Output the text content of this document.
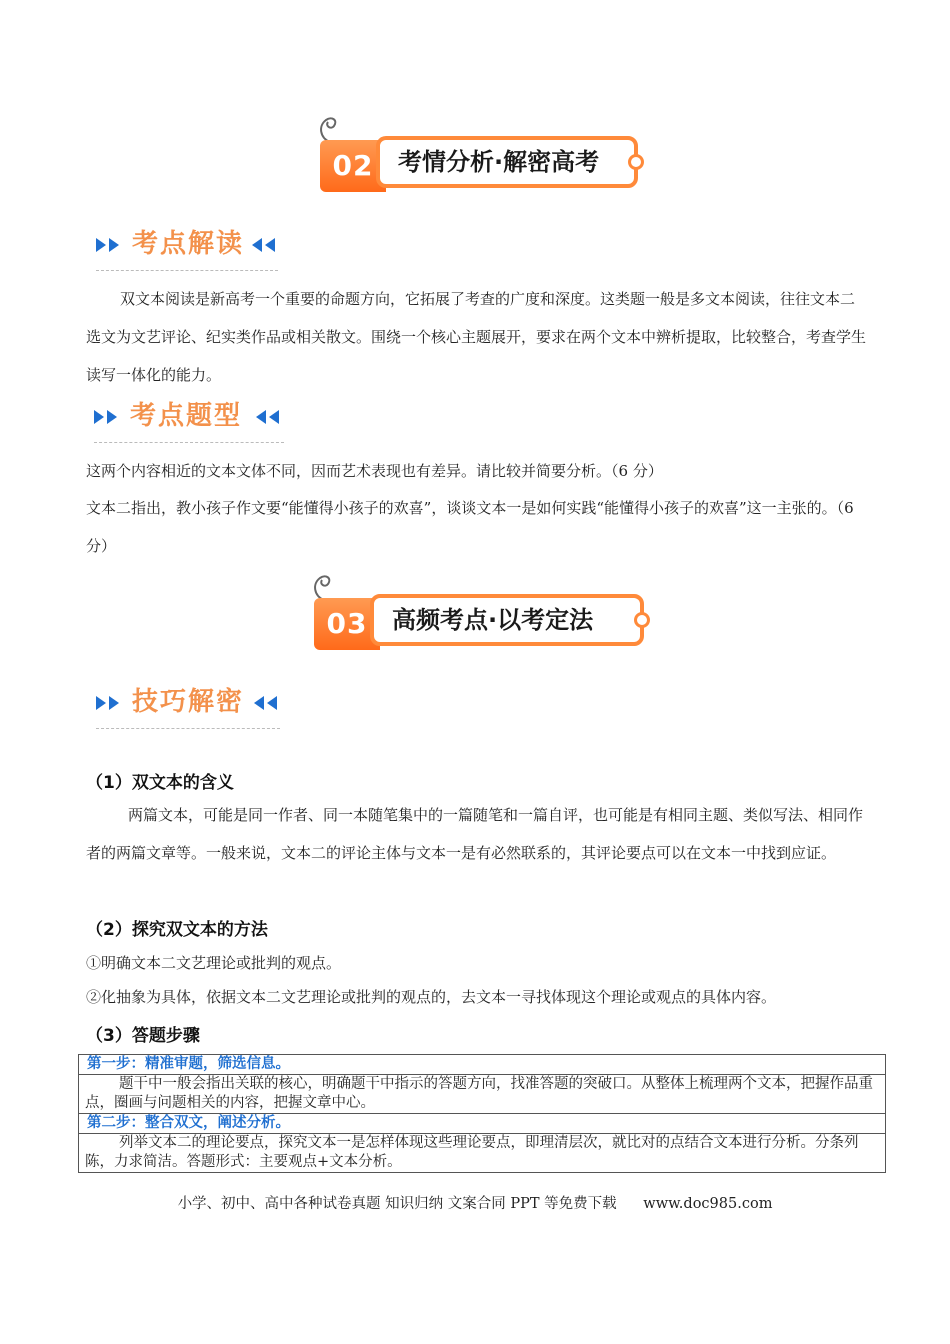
02	考情分析·解密高考
考点解读
双文本阅读是新高考一个重要的命题方向，它拓展了考查的广度和深度。这类题一般是多文本阅读，往往文本二选文为文艺评论、纪实类作品或相关散文。围绕一个核心主题展开，要求在两个文本中辨析提取，比较整合，考查学生读写一体化的能力。
考点题型
这两个内容相近的文本文体不同，因而艺术表现也有差异。请比较并简要分析。（6 分）
文本二指出，教小孩子作文要“能懂得小孩子的欢喜”，谈谈文本一是如何实践“能懂得小孩子的欢喜”这一主张的。（6 分）
03	高频考点·以考定法
技巧解密
（1）双文本的含义
两篇文本，可能是同一作者、同一本随笔集中的一篇随笔和一篇自评，也可能是有相同主题、类似写法、相同作者的两篇文章等。一般来说，文本二的评论主体与文本一是有必然联系的，其评论要点可以在文本一中找到应证。
（2）探究双文本的方法
①明确文本二文艺理论或批判的观点。
②化抽象为具体，依据文本二文艺理论或批判的观点的，去文本一寻找体现这个理论或观点的具体内容。
（3）答题步骤
第一步：精准审题，筛选信息。
题干中一般会指出关联的核心，明确题干中指示的答题方向，找准答题的突破口。从整体上梳理两个文本，把握作品重点，圈画与问题相关的内容，把握文章中心。
第二步：整合双文，阐述分析。
列举文本二的理论要点，探究文本一是怎样体现这些理论要点，即理清层次，就比对的点结合文本进行分析。分条列陈，力求简洁。答题形式：主要观点+文本分析。
小学、初中、高中各种试卷真题 知识归纳 文案合同 PPT 等免费下载 www.doc985.com
